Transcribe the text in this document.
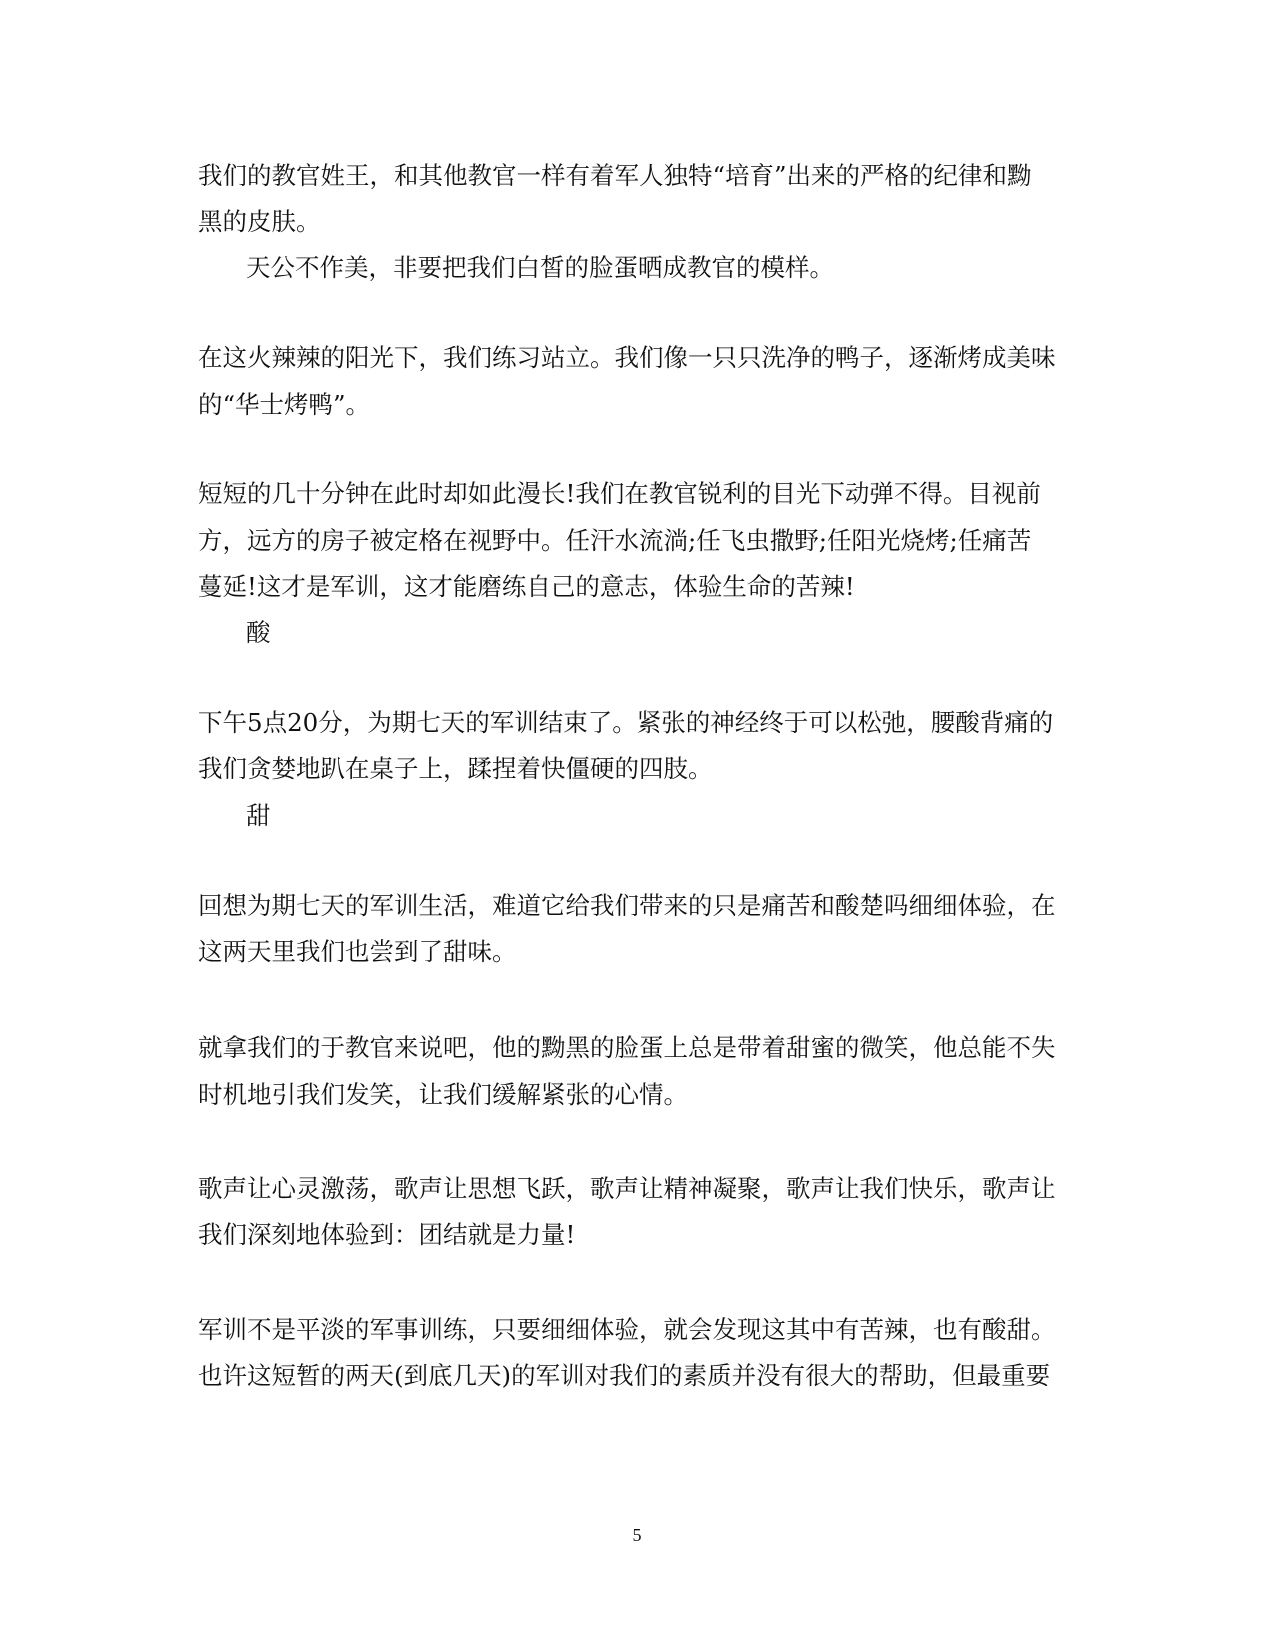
我们的教官姓王，和其他教官一样有着军人独特“培育”出来的严格的纪律和黝

黑的皮肤。

天公不作美，非要把我们白皙的脸蛋晒成教官的模样。

在这火辣辣的阳光下，我们练习站立。我们像一只只洗净的鸭子，逐渐烤成美味

的“华士烤鸭”。

短短的几十分钟在此时却如此漫长!我们在教官锐利的目光下动弹不得。目视前

方，远方的房子被定格在视野中。任汗水流淌;任飞虫撒野;任阳光烧烤;任痛苦

蔓延!这才是军训，这才能磨练自己的意志，体验生命的苦辣!

酸

下午5点20分，为期七天的军训结束了。紧张的神经终于可以松弛，腰酸背痛的

我们贪婪地趴在桌子上，蹂捏着快僵硬的四肢。

甜

回想为期七天的军训生活，难道它给我们带来的只是痛苦和酸楚吗细细体验，在

这两天里我们也尝到了甜味。

就拿我们的于教官来说吧，他的黝黑的脸蛋上总是带着甜蜜的微笑，他总能不失

时机地引我们发笑，让我们缓解紧张的心情。

歌声让心灵激荡，歌声让思想飞跃，歌声让精神凝聚，歌声让我们快乐，歌声让

我们深刻地体验到：团结就是力量!

军训不是平淡的军事训练，只要细细体验，就会发现这其中有苦辣，也有酸甜。

也许这短暂的两天(到底几天)的军训对我们的素质并没有很大的帮助，但最重要

5
